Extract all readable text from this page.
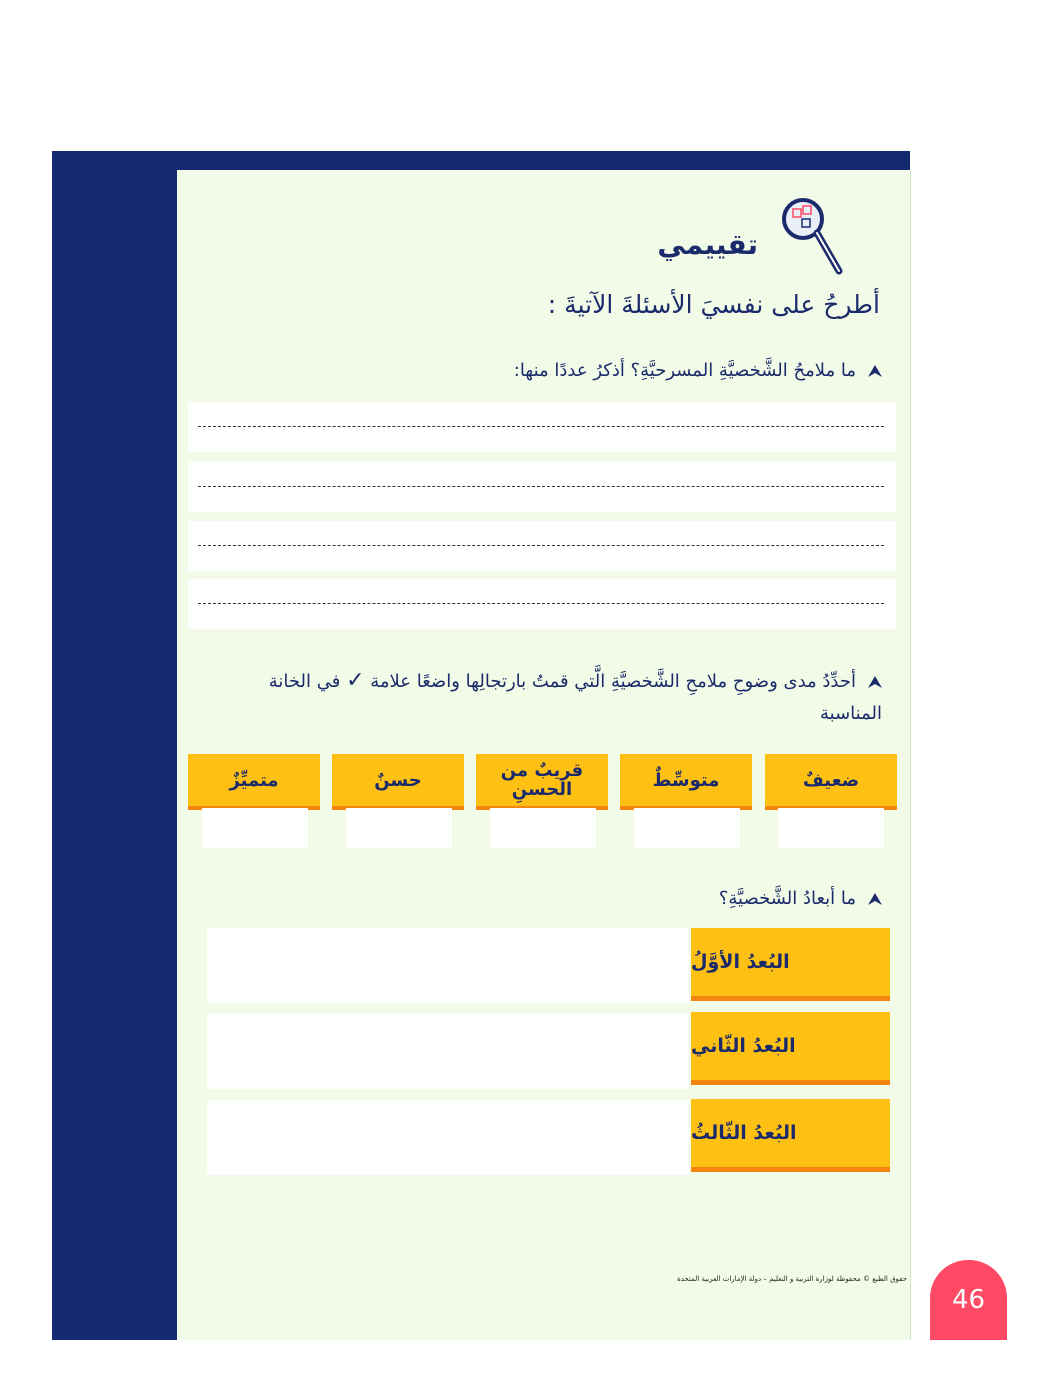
تقييمي
أطرحُ على نفسيَ الأسئلةَ الآتيةَ :
ما ملامحُ الشَّخصيَّةِ المسرحيَّةِ؟ أذكرُ عددًا منها:
أحدِّدُ مدى وضوحِ ملامحِ الشَّخصيَّةِ الَّتي قمتُ بارتجالِها واضعًا علامة ✓ في الخانة المناسبة
ضعيفٌ
متوسِّطٌ
قريبٌ من الحسنِ
حسنٌ
متميِّزٌ
ما أبعادُ الشَّخصيَّةِ؟
البُعدُ الأوَّلُ
البُعدُ الثّاني
البُعدُ الثّالثُ
حقوق الطبع © محفوظة لوزارة التربية و التعليم – دولة الإمارات العربية المتحدة
46
